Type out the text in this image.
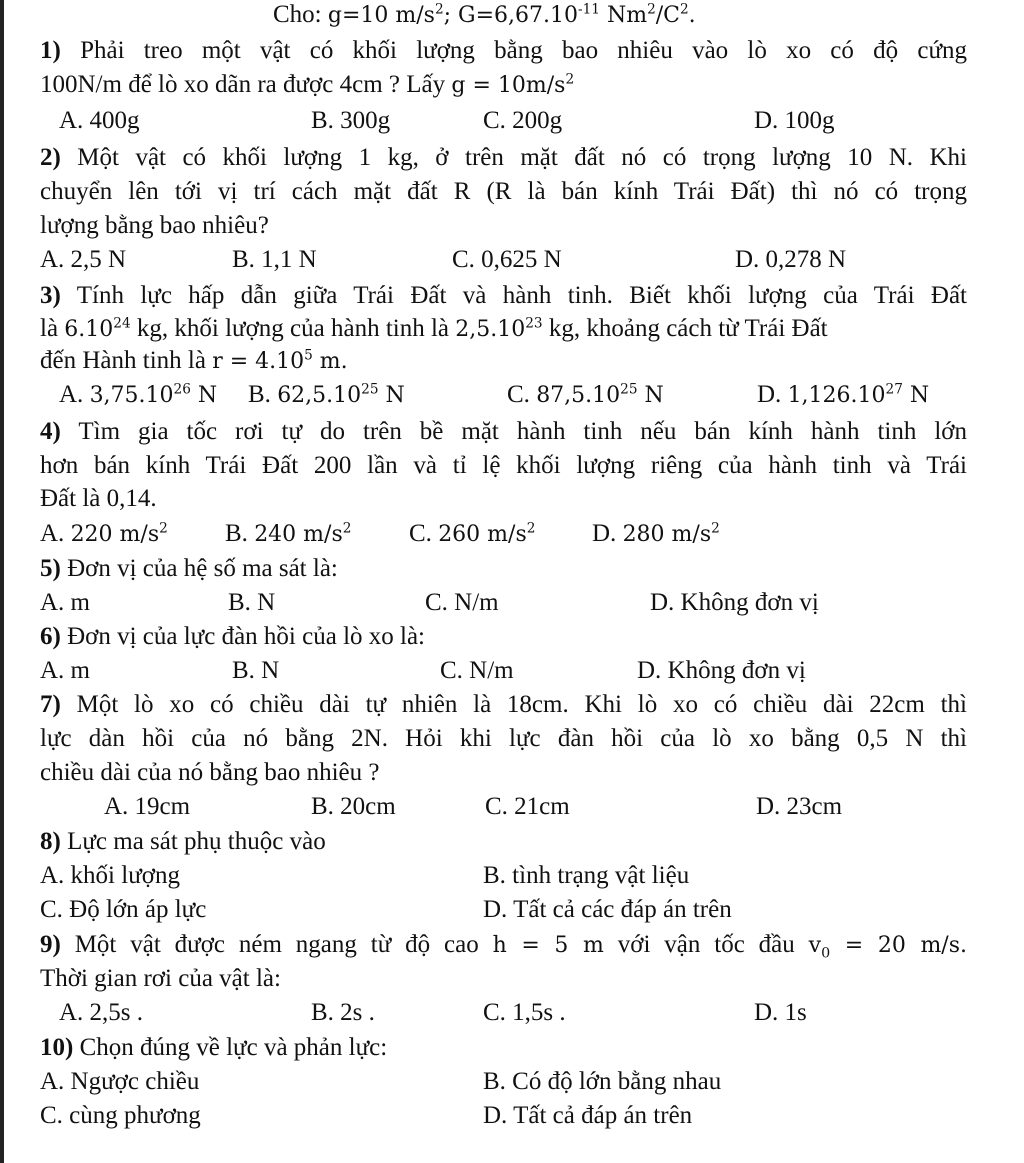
Cho: g=10 $m/s^2$; $G=6,67.10^{-11}$ $Nm^2/C^2$.
1) Phải treo một vật có khối lượng bằng bao nhiêu vào lò xo có độ cứng
100N/m để lò xo dãn ra được 4cm ? Lấy $g = 10m/s^2$
A. 400g	B. 300g	C. 200g	D. 100g
2) Một vật có khối lượng 1 kg, ở trên mặt đất nó có trọng lượng 10 N. Khi
chuyển lên tới vị trí cách mặt đất R (R là bán kính Trái Đất) thì nó có trọng
lượng bằng bao nhiêu?
A. 2,5 N	B. 1,1 N	C. 0,625 N	D. 0,278 N
3) Tính lực hấp dẫn giữa Trái Đất và hành tinh. Biết khối lượng của Trái Đất
là 6.10$^{24}$ kg, khối lượng của hành tinh là 2,5.10$^{23}$ kg, khoảng cách từ Trái Đất
đến Hành tinh là $r = 4.10^5$ m.
A. 3,75.10$^{26}$ N B. 62,5.10$^{25}$ N	C. 87,5.10$^{25}$ N	D. 1,126.10$^{27}$ N
4) Tìm gia tốc rơi tự do trên bề mặt hành tinh nếu bán kính hành tinh lớn
hơn bán kính Trái Đất 200 lần và tỉ lệ khối lượng riêng của hành tinh và Trái
Đất là 0,14.
A. 220 $m/s^2$ B. 240 $m/s^2$ C. 260 $m/s^2$ D. 280 $m/s^2$
5) Đơn vị của hệ số ma sát là:
A. m	B. N	C. N/m	D. Không đơn vị
6) Đơn vị của lực đàn hồi của lò xo là:
A. m	B. N	C. N/m	D. Không đơn vị
7) Một lò xo có chiều dài tự nhiên là 18cm. Khi lò xo có chiều dài 22cm thì
lực dàn hồi của nó bằng 2N. Hỏi khi lực đàn hồi của lò xo bằng 0,5 N thì
chiều dài của nó bằng bao nhiêu ?
A. 19cm	B. 20cm	C. 21cm	D. 23cm
8) Lực ma sát phụ thuộc vào
A. khối lượng	B. tình trạng vật liệu
C. Độ lớn áp lực	D. Tất cả các đáp án trên
9) Một vật được ném ngang từ độ cao h = 5 m với vận tốc đầu $v_0 = 20$ m/s.
Thời gian rơi của vật là:
A. 2,5s .	B. 2s .	C. 1,5s .	D. 1s
10) Chọn đúng về lực và phản lực:
A. Ngược chiều	B. Có độ lớn bằng nhau
C. cùng phương	D. Tất cả đáp án trên
